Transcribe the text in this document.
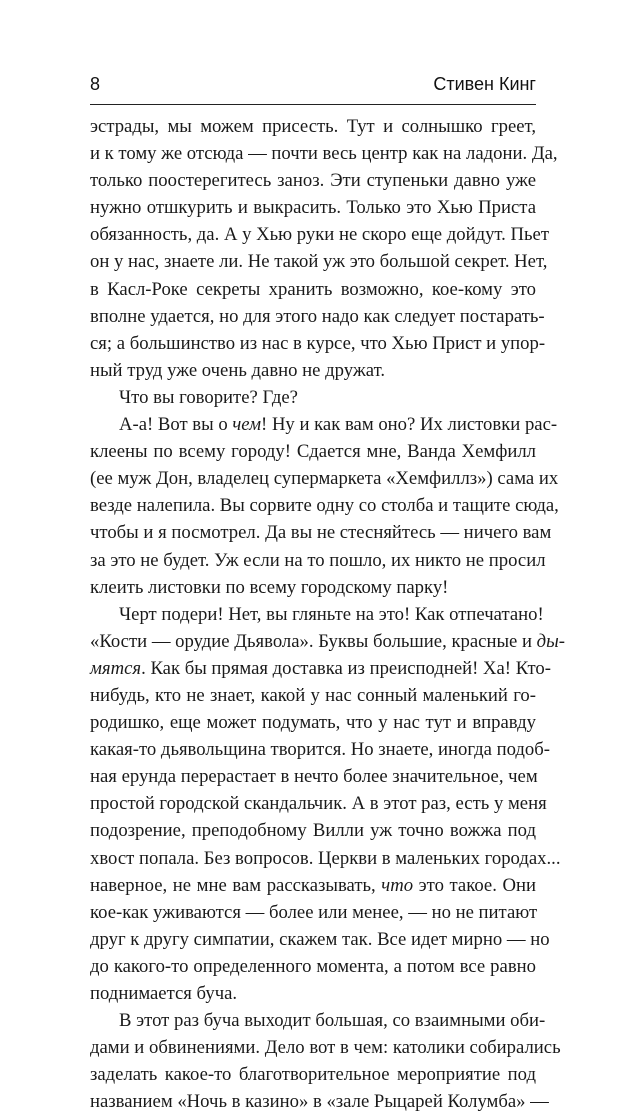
8	Стивен Кинг
эстрады, мы можем присесть. Тут и солнышко греет,
и к тому же отсюда — почти весь центр как на ладони. Да,
только поостерегитесь заноз. Эти ступеньки давно уже
нужно отшкурить и выкрасить. Только это Хью Приста
обязанность, да. А у Хью руки не скоро еще дойдут. Пьет
он у нас, знаете ли. Не такой уж это большой секрет. Нет,
в Касл-Роке секреты хранить возможно, кое-кому это
вполне удается, но для этого надо как следует постарать-
ся; а большинство из нас в курсе, что Хью Прист и упор-
ный труд уже очень давно не дружат.
Что вы говорите? Где?
А-а! Вот вы о чем! Ну и как вам оно? Их листовки рас-
клеены по всему городу! Сдается мне, Ванда Хемфилл
(ее муж Дон, владелец супермаркета «Хемфиллз») сама их
везде налепила. Вы сорвите одну со столба и тащите сюда,
чтобы и я посмотрел. Да вы не стесняйтесь — ничего вам
за это не будет. Уж если на то пошло, их никто не просил
клеить листовки по всему городскому парку!
Черт подери! Нет, вы гляньте на это! Как отпечатано!
«Кости — орудие Дьявола». Буквы большие, красные и ды-
мятся. Как бы прямая доставка из преисподней! Ха! Кто-
нибудь, кто не знает, какой у нас сонный маленький го-
родишко, еще может подумать, что у нас тут и вправду
какая-то дьявольщина творится. Но знаете, иногда подоб-
ная ерунда перерастает в нечто более значительное, чем
простой городской скандальчик. А в этот раз, есть у меня
подозрение, преподобному Вилли уж точно вожжа под
хвост попала. Без вопросов. Церкви в маленьких городах...
наверное, не мне вам рассказывать, что это такое. Они
кое-как уживаются — более или менее, — но не питают
друг к другу симпатии, скажем так. Все идет мирно — но
до какого-то определенного момента, а потом все равно
поднимается буча.
В этот раз буча выходит большая, со взаимными оби-
дами и обвинениями. Дело вот в чем: католики собирались
заделать какое-то благотворительное мероприятие под
названием «Ночь в казино» в «зале Рыцарей Колумба» —
